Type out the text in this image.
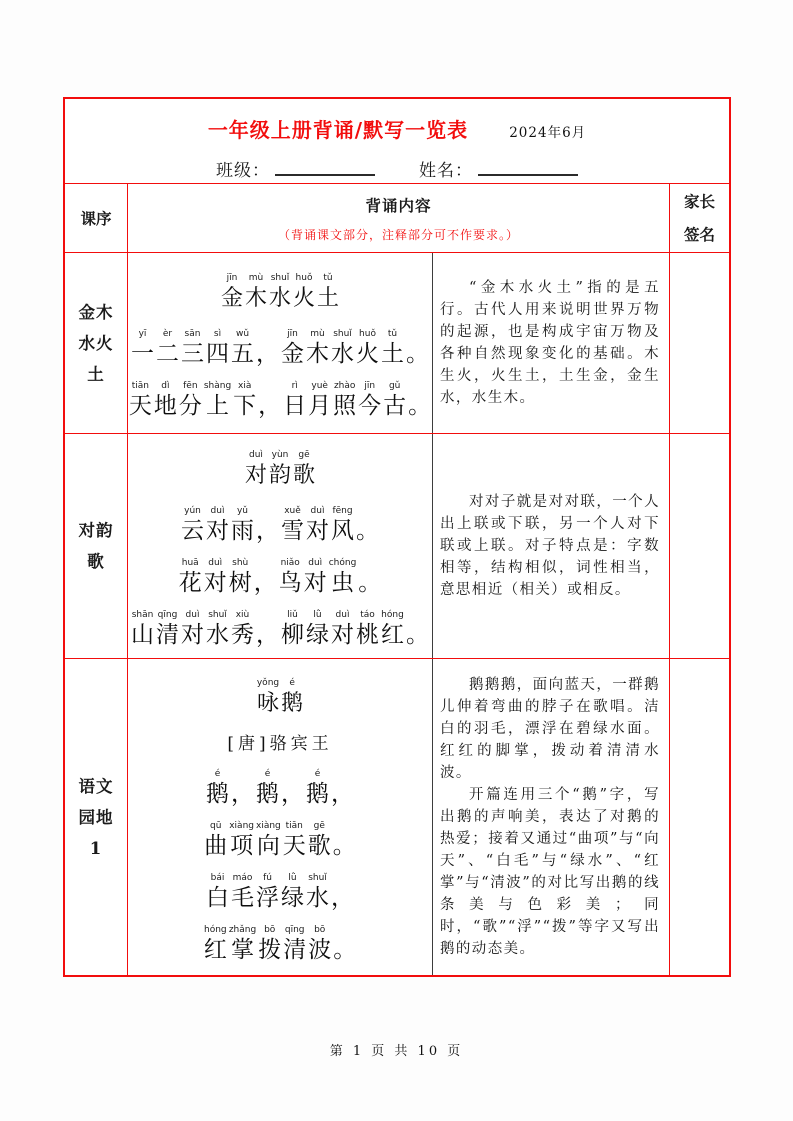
一年级上册背诵/默写一览表	2024年6月
班级：	姓名：
课序
背诵内容
（背诵课文部分，注释部分可不作要求。）
家长
签名
金木
水火
土
jīn
金
mù
木
shuǐ
水
huǒ
火
tǔ
土
yī
一
èr
二
sān
三
sì
四
wǔ
五 ，
jīn
金
mù
木
shuǐ
水
huǒ
火
tǔ
土 。
tiān
天
dì
地
fēn
分
shàng
上
xià
下 ，
rì
日
yuè
月
zhào
照
jīn
今
gǔ
古 。
“金木水火土”指的是五行。古代人用来说明世界万物的起源，也是构成宇宙万物及各种自然现象变化的基础。木生火，火生土，土生金，金生水，水生木。
对韵
歌
duì
对
yùn
韵
gē
歌
yún
云
duì
对
yǔ
雨 ，
xuě
雪
duì
对
fēng
风 。
huā
花
duì
对
shù
树 ，
niǎo
鸟
duì
对
chóng
虫 。
shān
山
qīng
清
duì
对
shuǐ
水
xiù
秀 ，
liǔ
柳
lǜ
绿
duì
对
táo
桃
hóng
红 。
对对子就是对对联，一个人出上联或下联，另一个人对下联或上联。对子特点是：字数相等，结构相似，词性相当，意思相近（相关）或相反。
语文
园地
1
yǒng
咏
é
鹅
[唐]骆宾王
é
鹅 ，
é
鹅 ，
é
鹅 ，
qū
曲
xiàng
项
xiàng
向
tiān
天
gē
歌 。
bái
白
máo
毛
fú
浮
lǜ
绿
shuǐ
水 ，
hóng
红
zhǎng
掌
bō
拨
qīng
清
bō
波 。
鹅鹅鹅，面向蓝天，一群鹅儿伸着弯曲的脖子在歌唱。洁白的羽毛，漂浮在碧绿水面。红红的脚掌，拨动着清清水波。
开篇连用三个“鹅”字，写出鹅的声响美，表达了对鹅的热爱；接着又通过“曲项”与“向天”、“白毛”与“绿水”、“红掌”与“清波”的对比写出鹅的线条美与色彩美；同时，“歌”“浮”“拨”等字又写出鹅的动态美。
第 1 页 共 10 页
